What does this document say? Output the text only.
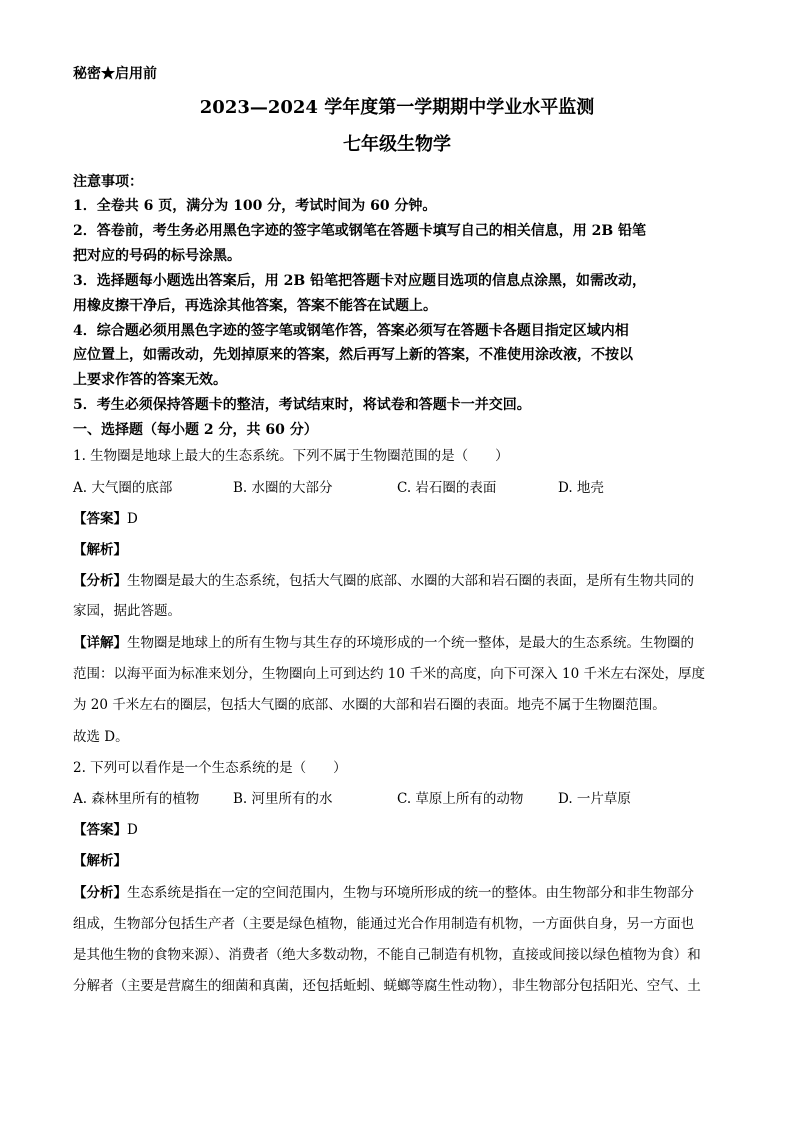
秘密★启用前
2023—2024 学年度第一学期期中学业水平监测
七年级生物学
注意事项：
1．全卷共 6 页，满分为 100 分，考试时间为 60 分钟。
2．答卷前，考生务必用黑色字迹的签字笔或钢笔在答题卡填写自己的相关信息，用 2B 铅笔
把对应的号码的标号涂黑。
3．选择题每小题选出答案后，用 2B 铅笔把答题卡对应题目选项的信息点涂黑，如需改动，
用橡皮擦干净后，再选涂其他答案，答案不能答在试题上。
4．综合题必须用黑色字迹的签字笔或钢笔作答，答案必须写在答题卡各题目指定区域内相
应位置上，如需改动，先划掉原来的答案，然后再写上新的答案，不准使用涂改液，不按以
上要求作答的答案无效。
5．考生必须保持答题卡的整洁，考试结束时，将试卷和答题卡一并交回。
一、选择题（每小题 2 分，共 60 分）
1. 生物圈是地球上最大的生态系统。下列不属于生物圈范围的是（　　）
A. 大气圈的底部	B. 水圈的大部分	C. 岩石圈的表面	D. 地壳
【答案】D
【解析】
【分析】生物圈是最大的生态系统，包括大气圈的底部、水圈的大部和岩石圈的表面，是所有生物共同的
家园，据此答题。
【详解】生物圈是地球上的所有生物与其生存的环境形成的一个统一整体，是最大的生态系统。生物圈的
范围：以海平面为标准来划分，生物圈向上可到达约 10 千米的高度，向下可深入 10 千米左右深处，厚度
为 20 千米左右的圈层，包括大气圈的底部、水圈的大部和岩石圈的表面。地壳不属于生物圈范围。
故选 D。
2. 下列可以看作是一个生态系统的是（　　）
A. 森林里所有的植物 B. 河里所有的水	C. 草原上所有的动物	D. 一片草原
【答案】D
【解析】
【分析】生态系统是指在一定的空间范围内，生物与环境所形成的统一的整体。由生物部分和非生物部分
组成，生物部分包括生产者（主要是绿色植物，能通过光合作用制造有机物，一方面供自身，另一方面也
是其他生物的食物来源）、消费者（绝大多数动物，不能自己制造有机物，直接或间接以绿色植物为食）和
分解者（主要是营腐生的细菌和真菌，还包括蚯蚓、蜣螂等腐生性动物），非生物部分包括阳光、空气、土
